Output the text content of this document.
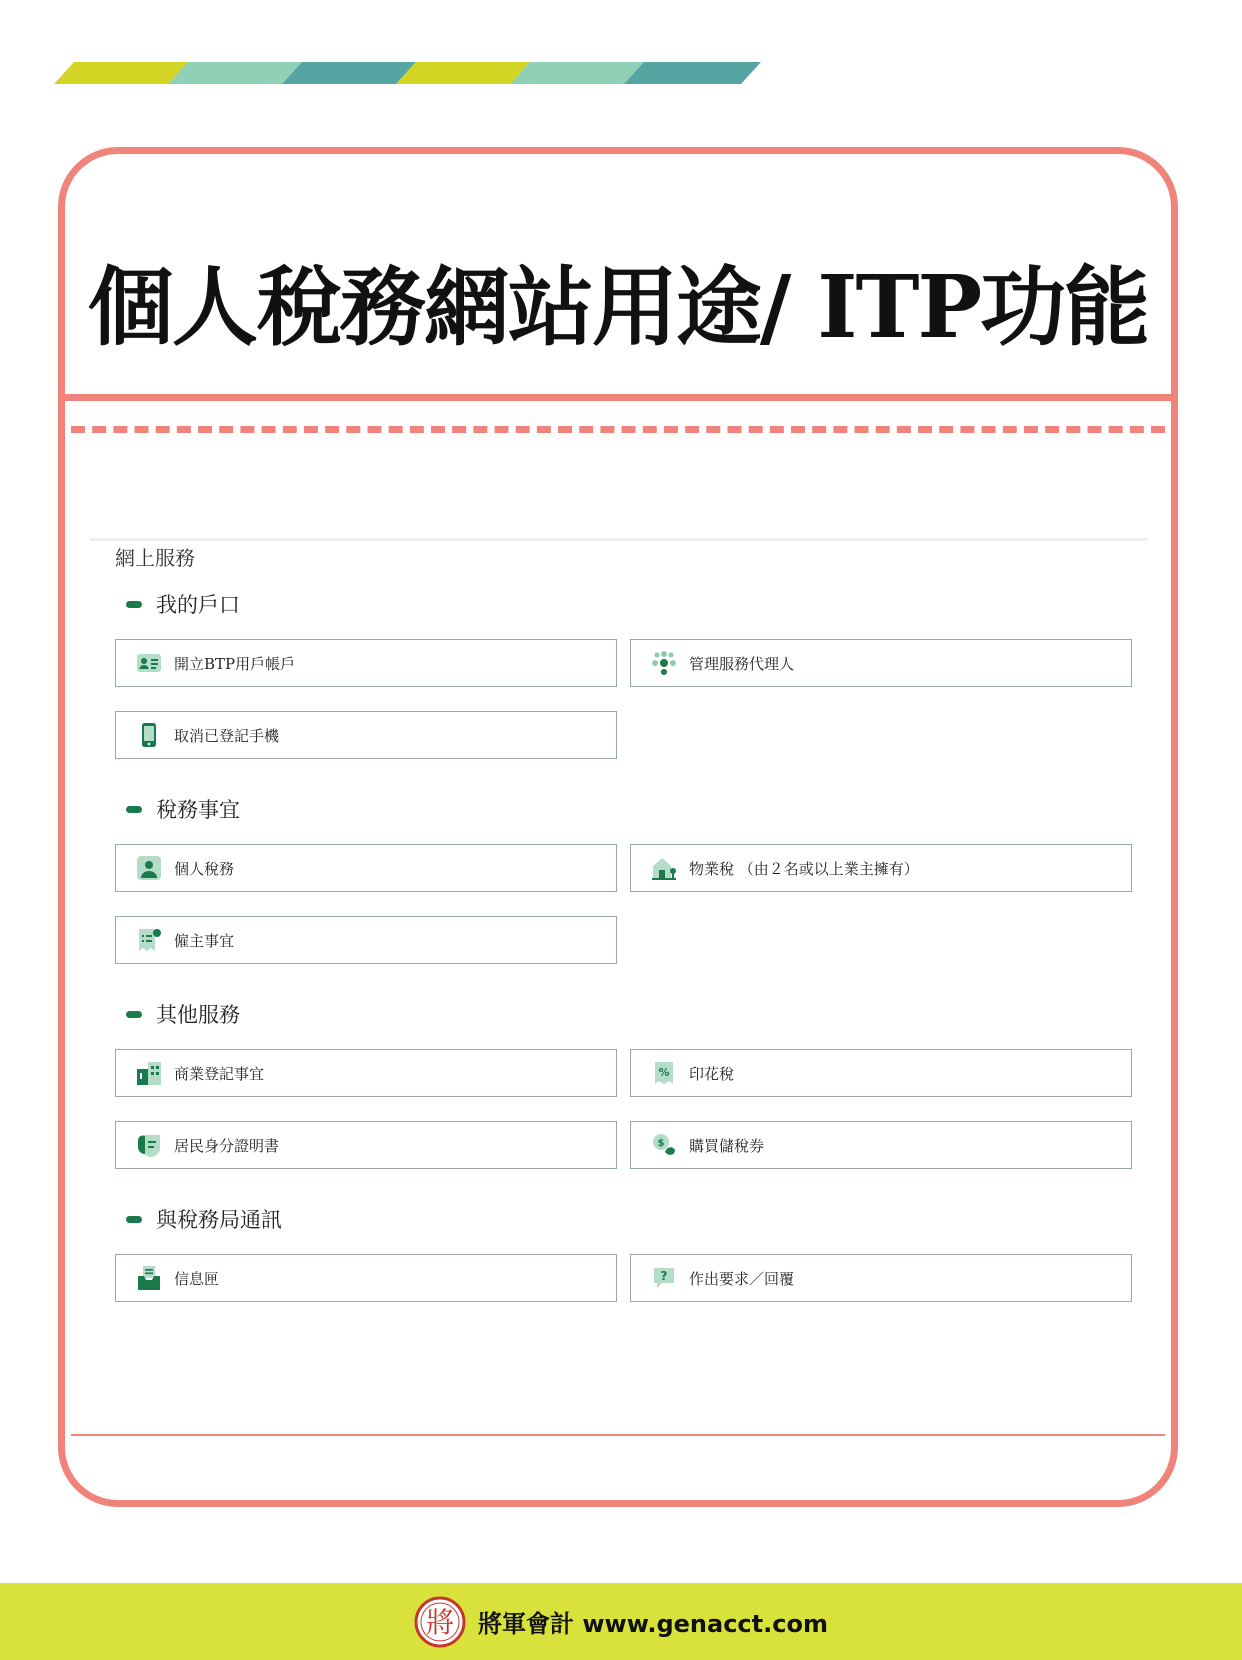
個人稅務網站用途/ ITP功能
網上服務
我的戶口
開立BTP用戶帳戶	管理服務代理人
取消已登記手機
稅務事宜
個人稅務	物業稅 （由２名或以上業主擁有）
僱主事宜
其他服務
商業登記事宜	% 印花稅
居民身分證明書	$ 購買儲稅券
與稅務局通訊
信息匣	? 作出要求／回覆
將 將軍會計 www.genacct.com
